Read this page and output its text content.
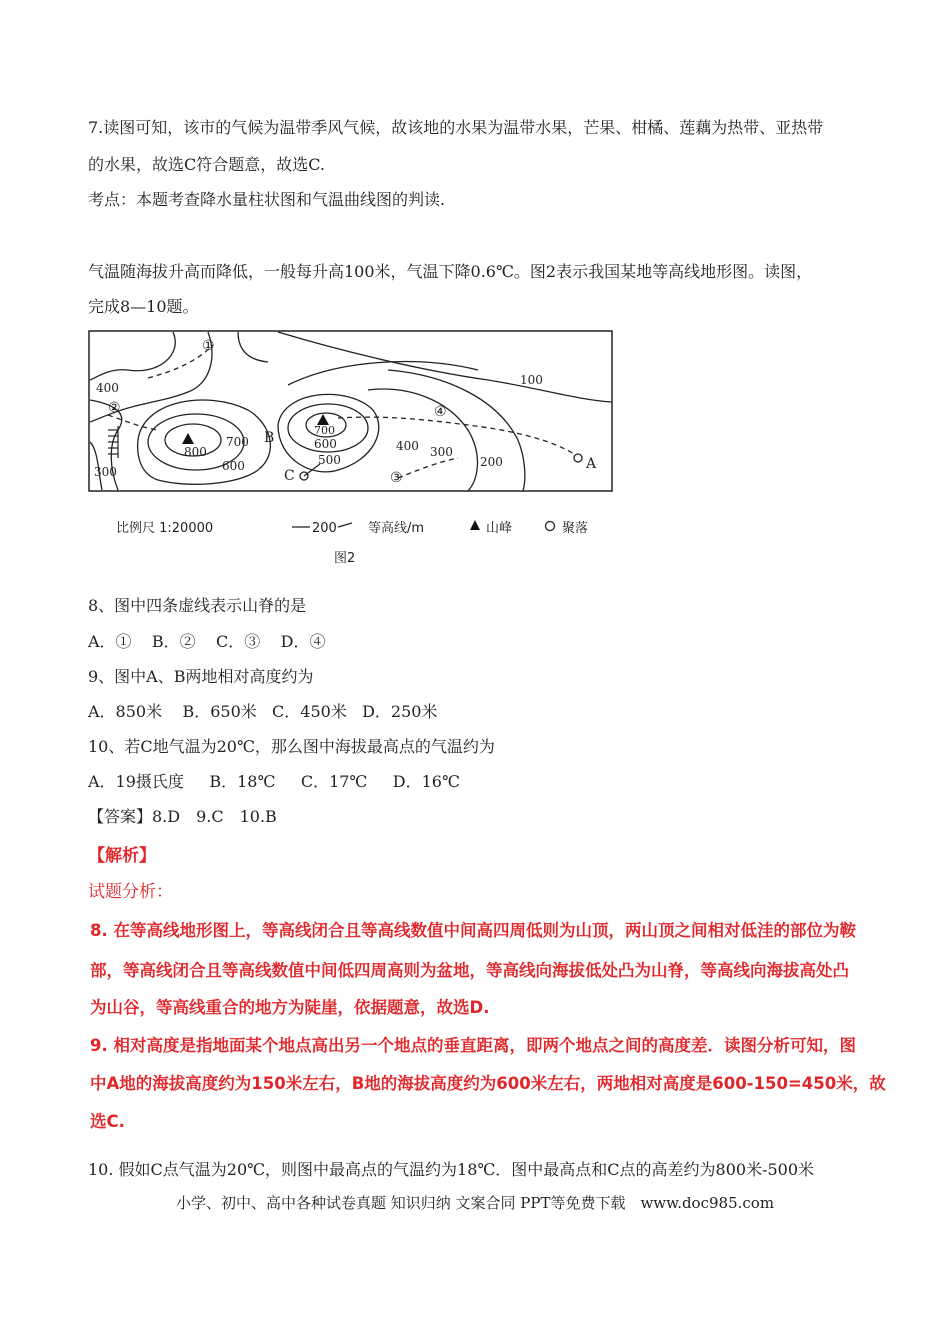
7.读图可知，该市的气候为温带季风气候，故该地的水果为温带水果，芒果、柑橘、莲藕为热带、亚热带
的水果，故选C符合题意，故选C.
考点：本题考查降水量柱状图和气温曲线图的判读.
气温随海拔升高而降低，一般每升高100米，气温下降0.6℃。图2表示我国某地等高线地形图。读图，
完成8—10题。
400
100
700
800
600
700	600
500
400 300
200
300
①
②
③
④
A
B
C
比例尺 1:20000	200 等高线/m	山峰	聚落
图2
8、图中四条虚线表示山脊的是
A．① B．② C．③ D．④
9、图中A、B两地相对高度约为
A．850米 B．650米 C．450米 D．250米
10、若C地气温为20℃，那么图中海拔最高点的气温约为
A．19摄氏度 B．18℃ C．17℃ D．16℃
【答案】8.D　9.C　10.B
【解析】
试题分析：
8. 在等高线地形图上，等高线闭合且等高线数值中间高四周低则为山顶，两山顶之间相对低洼的部位为鞍
部，等高线闭合且等高线数值中间低四周高则为盆地，等高线向海拔低处凸为山脊，等高线向海拔高处凸
为山谷，等高线重合的地方为陡崖，依据题意，故选D.
9. 相对高度是指地面某个地点高出另一个地点的垂直距离，即两个地点之间的高度差．读图分析可知，图
中A地的海拔高度约为150米左右，B地的海拔高度约为600米左右，两地相对高度是600-150=450米，故
选C.
10. 假如C点气温为20℃，则图中最高点的气温约为18℃．图中最高点和C点的高差约为800米-500米
小学、初中、高中各种试卷真题 知识归纳 文案合同 PPT等免费下载　www.doc985.com
